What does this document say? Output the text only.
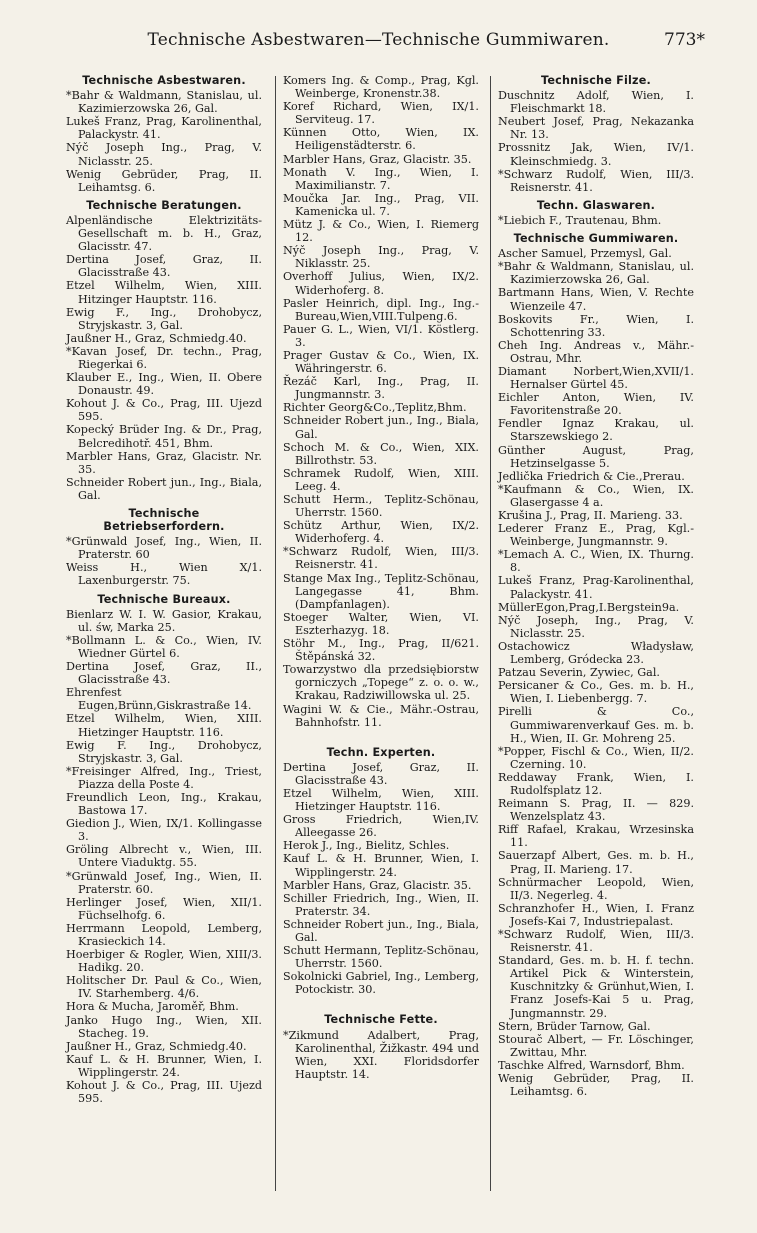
Technische Asbestwaren—Technische Gummiwaren.	773*
Technische Asbestwaren.

*Bahr & Waldmann, Stanislau, ul. Kazimierzowska 26, Gal.

Lukeš Franz, Prag, Karolinenthal, Palackystr. 41.

Nýč Joseph Ing., Prag, V. Niclasstr. 25.

Wenig Gebrüder, Prag, II. Leihamtsg. 6.

Technische Beratungen.

Alpenländische Elektrizitäts-Gesellschaft m. b. H., Graz, Glacisstr. 47.

Dertina Josef, Graz, II. Glacisstraße 43.

Etzel Wilhelm, Wien, XIII. Hitzinger Hauptstr. 116.

Ewig F., Ing., Drohobycz, Stryjskastr. 3, Gal.

Jaußner H., Graz, Schmiedg.40.

*Kavan Josef, Dr. techn., Prag, Riegerkai 6.

Klauber E., Ing., Wien, II. Obere Donaustr. 49.

Kohout J. & Co., Prag, III. Ujezd 595.

Kopecký Brüder Ing. & Dr., Prag, Belcredihotř. 451, Bhm.

Marbler Hans, Graz, Glacistr. Nr. 35.

Schneider Robert jun., Ing., Biala, Gal.

Technische Betriebserfordern.

*Grünwald Josef, Ing., Wien, II. Praterstr. 60

Weiss H., Wien X/1. Laxenburgerstr. 75.

Technische Bureaux.

Bienlarz W. I. W. Gasior, Krakau, ul. św, Marka 25.

*Bollmann L. & Co., Wien, IV. Wiedner Gürtel 6.

Dertina Josef, Graz, II., Glacisstraße 43.

Ehrenfest Eugen,Brünn,Giskrastraße 14.

Etzel Wilhelm, Wien, XIII. Hietzinger Hauptstr. 116.

Ewig F. Ing., Drohobycz, Stryjskastr. 3, Gal.

*Freisinger Alfred, Ing., Triest, Piazza della Poste 4.

Freundlich Leon, Ing., Krakau, Bastowa 17.

Giedion J., Wien, IX/1. Kollingasse 3.

Gröling Albrecht v., Wien, III. Untere Viaduktg. 55.

*Grünwald Josef, Ing., Wien, II. Praterstr. 60.

Herlinger Josef, Wien, XII/1. Füchselhofg. 6.

Herrmann Leopold, Lemberg, Krasieckich 14.

Hoerbiger & Rogler, Wien, XIII/3. Hadikg. 20.

Holitscher Dr. Paul & Co., Wien, IV. Starhemberg. 4/6.

Hora & Mucha, Jaroměř, Bhm.

Janko Hugo Ing., Wien, XII. Stacheg. 19.

Jaußner H., Graz, Schmiedg.40.

Kauf L. & H. Brunner, Wien, I. Wipplingerstr. 24.

Kohout J. & Co., Prag, III. Ujezd 595.

Komers Ing. & Comp., Prag, Kgl. Weinberge, Kronenstr.38.

Koref Richard, Wien, IX/1. Serviteug. 17.

Künnen Otto, Wien, IX. Heiligenstädterstr. 6.

Marbler Hans, Graz, Glacistr. 35.

Monath V. Ing., Wien, I. Maximilianstr. 7.

Moučka Jar. Ing., Prag, VII. Kamenicka ul. 7.

Mütz J. & Co., Wien, I. Riemerg 12.

Nýč Joseph Ing., Prag, V. Niklasstr. 25.

Overhoff Julius, Wien, IX/2. Widerhoferg. 8.

Pasler Heinrich, dipl. Ing., Ing.-Bureau,Wien,VIII.Tulpeng.6.

Pauer G. L., Wien, VI/1. Köstlerg. 3.

Prager Gustav & Co., Wien, IX. Währingerstr. 6.

Řezáč Karl, Ing., Prag, II. Jungmannstr. 3.

Richter Georg&Co.,Teplitz,Bhm.

Schneider Robert jun., Ing., Biala, Gal.

Schoch M. & Co., Wien, XIX. Billrothstr. 53.

Schramek Rudolf, Wien, XIII. Leeg. 4.

Schutt Herm., Teplitz-Schönau, Uherrstr. 1560.

Schütz Arthur, Wien, IX/2. Widerhoferg. 4.

*Schwarz Rudolf, Wien, III/3. Reisnerstr. 41.

Stange Max Ing., Teplitz-Schönau, Langegasse 41, Bhm. (Dampfanlagen).

Stoeger Walter, Wien, VI. Eszterhazyg. 18.

Stöhr M., Ing., Prag, II/621. Štěpánská 32.

Towarzystwo dla przedsiębiorstw gorniczych „Topege“ z. o. o. w., Krakau, Radziwillowska ul. 25.

Wagini W. & Cie., Mähr.-Ostrau, Bahnhofstr. 11.

Techn. Experten.

Dertina Josef, Graz, II. Glacisstraße 43.

Etzel Wilhelm, Wien, XIII. Hietzinger Hauptstr. 116.

Gross Friedrich, Wien,IV. Alleegasse 26.

Herok J., Ing., Bielitz, Schles.

Kauf L. & H. Brunner, Wien, I. Wipplingerstr. 24.

Marbler Hans, Graz, Glacistr. 35.

Schiller Friedrich, Ing., Wien, II. Praterstr. 34.

Schneider Robert jun., Ing., Biala, Gal.

Schutt Hermann, Teplitz-Schönau, Uherrstr. 1560.

Sokolnicki Gabriel, Ing., Lemberg, Potockistr. 30.

Technische Fette.

*Zikmund Adalbert, Prag, Karolinenthal, Žižkastr. 494 und Wien, XXI. Floridsdorfer Hauptstr. 14.

Technische Filze.

Duschnitz Adolf, Wien, I. Fleischmarkt 18.

Neubert Josef, Prag, Nekazanka Nr. 13.

Prossnitz Jak, Wien, IV/1. Kleinschmiedg. 3.

*Schwarz Rudolf, Wien, III/3. Reisnerstr. 41.

Techn. Glaswaren.

*Liebich F., Trautenau, Bhm.

Technische Gummiwaren.

Ascher Samuel, Przemysl, Gal.

*Bahr & Waldmann, Stanislau, ul. Kazimierzowska 26, Gal.

Bartmann Hans, Wien, V. Rechte Wienzeile 47.

Boskovits Fr., Wien, I. Schottenring 33.

Cheh Ing. Andreas v., Mähr.-Ostrau, Mhr.

Diamant Norbert,Wien,XVII/1. Hernalser Gürtel 45.

Eichler Anton, Wien, IV. Favoritenstraße 20.

Fendler Ignaz Krakau, ul. Starszewskiego 2.

Günther August, Prag, Hetzinselgasse 5.

Jedlička Friedrich & Cie.,Prerau.

*Kaufmann & Co., Wien, IX. Glasergasse 4 a.

Krušina J., Prag, II. Marieng. 33.

Lederer Franz E., Prag, Kgl.-Weinberge, Jungmannstr. 9.

*Lemach A. C., Wien, IX. Thurng. 8.

Lukeš Franz, Prag-Karolinenthal, Palackystr. 41.

MüllerEgon,Prag,I.Bergstein9a.

Nýč Joseph, Ing., Prag, V. Niclasstr. 25.

Ostachowicz Władysław, Lemberg, Gródecka 23.

Patzau Severin, Zywiec, Gal.

Persicaner & Co., Ges. m. b. H., Wien, I. Liebenbergg. 7.

Pirelli & Co., Gummiwarenverkauf Ges. m. b. H., Wien, II. Gr. Mohreng 25.

*Popper, Fischl & Co., Wien, II/2. Czerning. 10.

Reddaway Frank, Wien, I. Rudolfsplatz 12.

Reimann S. Prag, II. — 829. Wenzelsplatz 43.

Riff Rafael, Krakau, Wrzesinska 11.

Sauerzapf Albert, Ges. m. b. H., Prag, II. Marieng. 17.

Schnürmacher Leopold, Wien, II/3. Negerleg. 4.

Schranzhofer H., Wien, I. Franz Josefs-Kai 7, Industriepalast.

*Schwarz Rudolf, Wien, III/3. Reisnerstr. 41.

Standard, Ges. m. b. H. f. techn. Artikel Pick & Winterstein, Kuschnitzky & Grünhut,Wien, I. Franz Josefs-Kai 5 u. Prag, Jungmannstr. 29.

Stern, Brüder Tarnow, Gal.

Stourač Albert, — Fr. Löschinger, Zwittau, Mhr.

Taschke Alfred, Warnsdorf, Bhm.

Wenig Gebrüder, Prag, II. Leihamtsg. 6.
